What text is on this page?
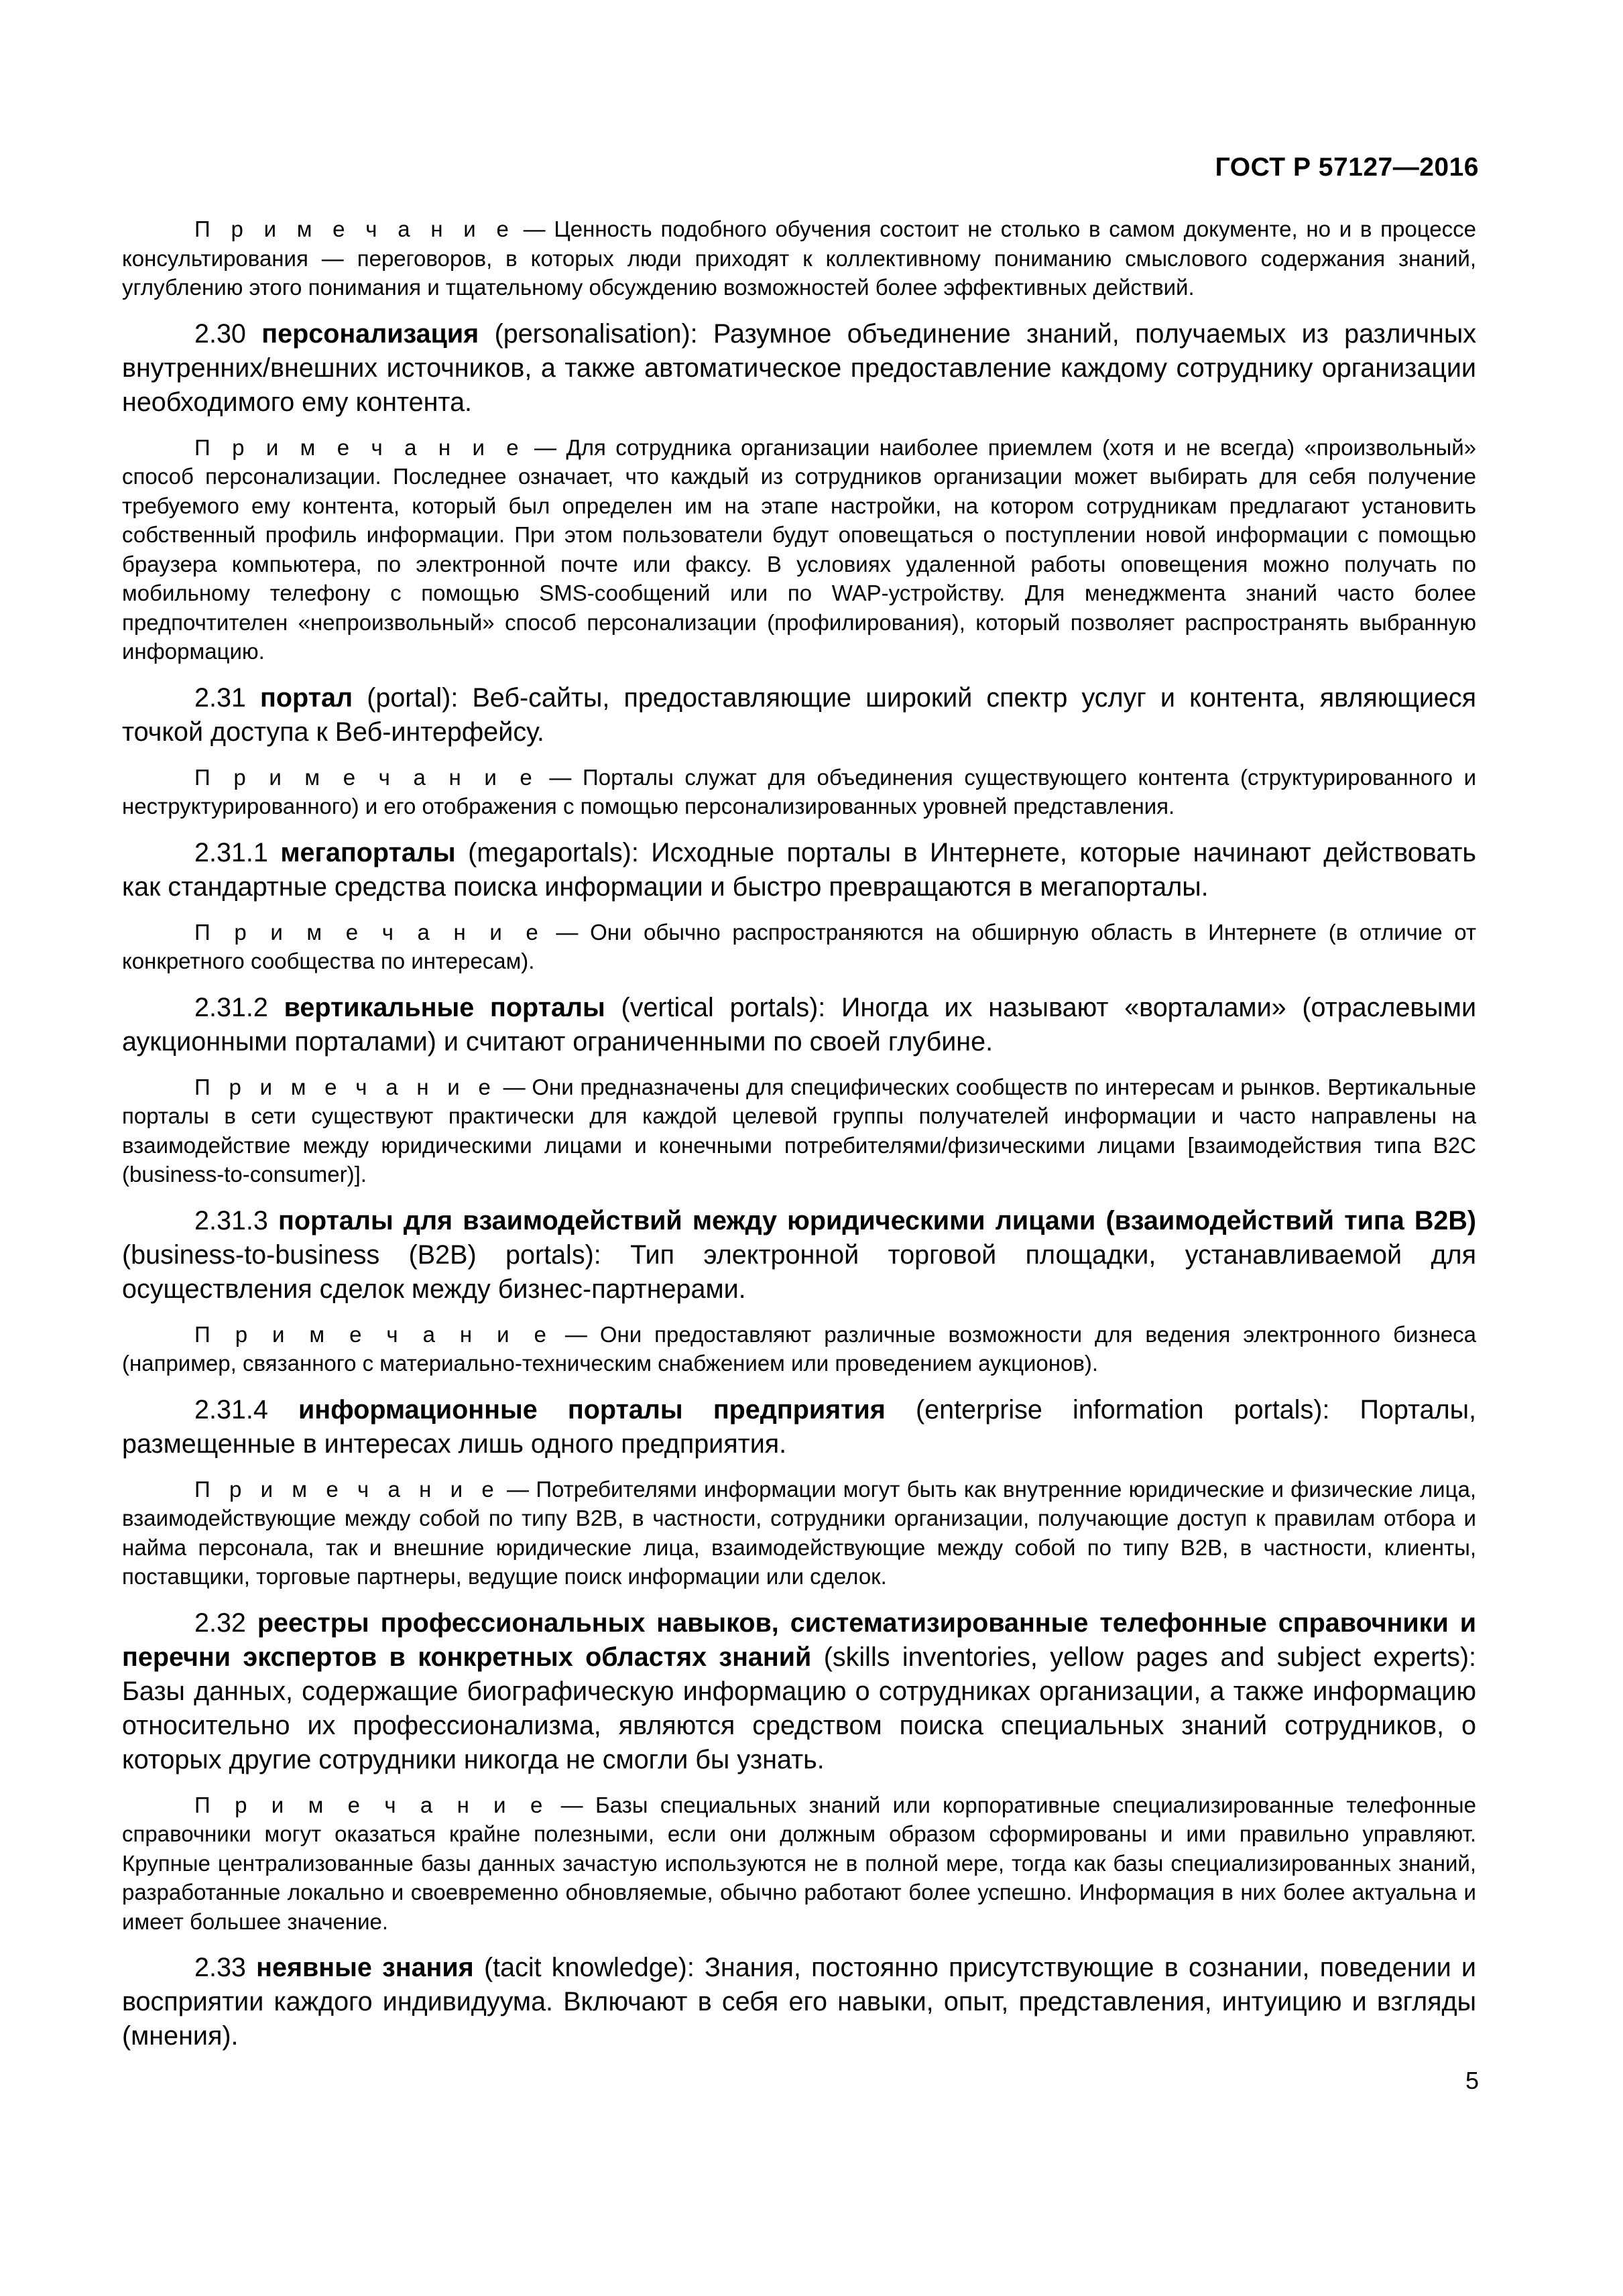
ГОСТ Р 57127—2016

П р и м е ч а н и е — Ценность подобного обучения состоит не столько в самом документе, но и в процессе консультирования — переговоров, в которых люди приходят к коллективному пониманию смыслового содержания знаний, углублению этого понимания и тщательному обсуждению возможностей более эффективных действий.

2.30 персонализация (personalisation): Разумное объединение знаний, получаемых из различных внутренних/внешних источников, а также автоматическое предоставление каждому сотруднику организации необходимого ему контента.

П р и м е ч а н и е — Для сотрудника организации наиболее приемлем (хотя и не всегда) «произвольный» способ персонализации. Последнее означает, что каждый из сотрудников организации может выбирать для себя получение требуемого ему контента, который был определен им на этапе настройки, на котором сотрудникам предлагают установить собственный профиль информации. При этом пользователи будут оповещаться о поступлении новой информации с помощью браузера компьютера, по электронной почте или факсу. В условиях удаленной работы оповещения можно получать по мобильному телефону с помощью SMS-сообщений или по WAP-устройству. Для менеджмента знаний часто более предпочтителен «непроизвольный» способ персонализации (профилирования), который позволяет распространять выбранную информацию.

2.31 портал (portal): Веб-сайты, предоставляющие широкий спектр услуг и контента, являющиеся точкой доступа к Веб-интерфейсу.

П р и м е ч а н и е — Порталы служат для объединения существующего контента (структурированного и неструктурированного) и его отображения с помощью персонализированных уровней представления.

2.31.1 мегапорталы (megaportals): Исходные порталы в Интернете, которые начинают действовать как стандартные средства поиска информации и быстро превращаются в мегапорталы.

П р и м е ч а н и е — Они обычно распространяются на обширную область в Интернете (в отличие от конкретного сообщества по интересам).

2.31.2 вертикальные порталы (vertical portals): Иногда их называют «ворталами» (отраслевыми аукционными порталами) и считают ограниченными по своей глубине.

П р и м е ч а н и е — Они предназначены для специфических сообществ по интересам и рынков. Вертикальные порталы в сети существуют практически для каждой целевой группы получателей информации и часто направлены на взаимодействие между юридическими лицами и конечными потребителями/физическими лицами [взаимодействия типа B2C (business-to-consumer)].

2.31.3 порталы для взаимодействий между юридическими лицами (взаимодействий типа B2B) (business-to-business (B2B) portals): Тип электронной торговой площадки, устанавливаемой для осуществления сделок между бизнес-партнерами.

П р и м е ч а н и е — Они предоставляют различные возможности для ведения электронного бизнеса (например, связанного с материально-техническим снабжением или проведением аукционов).

2.31.4 информационные порталы предприятия (enterprise information portals): Порталы, размещенные в интересах лишь одного предприятия.

П р и м е ч а н и е — Потребителями информации могут быть как внутренние юридические и физические лица, взаимодействующие между собой по типу B2B, в частности, сотрудники организации, получающие доступ к правилам отбора и найма персонала, так и внешние юридические лица, взаимодействующие между собой по типу B2B, в частности, клиенты, поставщики, торговые партнеры, ведущие поиск информации или сделок.

2.32 реестры профессиональных навыков, систематизированные телефонные справочники и перечни экспертов в конкретных областях знаний (skills inventories, yellow pages and subject experts): Базы данных, содержащие биографическую информацию о сотрудниках организации, а также информацию относительно их профессионализма, являются средством поиска специальных знаний сотрудников, о которых другие сотрудники никогда не смогли бы узнать.

П р и м е ч а н и е — Базы специальных знаний или корпоративные специализированные телефонные справочники могут оказаться крайне полезными, если они должным образом сформированы и ими правильно управляют. Крупные централизованные базы данных зачастую используются не в полной мере, тогда как базы специализированных знаний, разработанные локально и своевременно обновляемые, обычно работают более успешно. Информация в них более актуальна и имеет большее значение.

2.33 неявные знания (tacit knowledge): Знания, постоянно присутствующие в сознании, поведении и восприятии каждого индивидуума. Включают в себя его навыки, опыт, представления, интуицию и взгляды (мнения).

5
